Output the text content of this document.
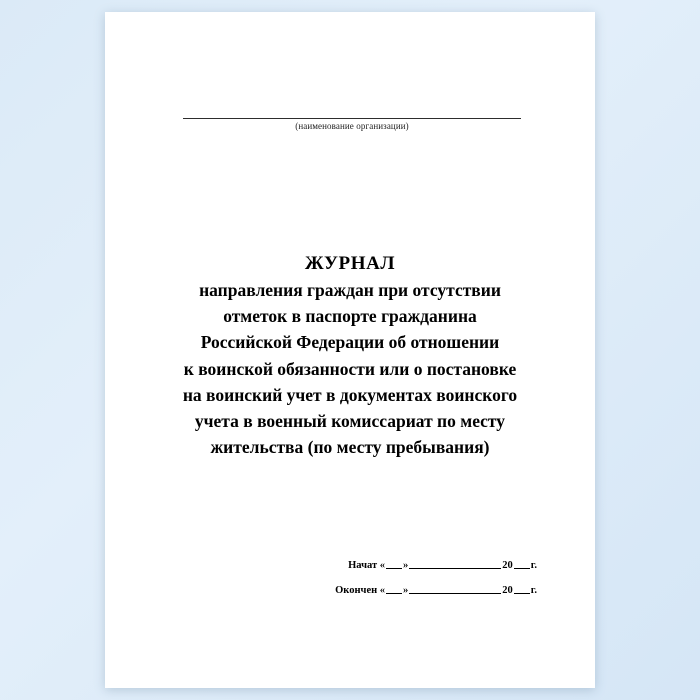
(наименование организации)
ЖУРНАЛ
направления граждан при отсутствии
отметок в паспорте гражданина
Российской Федерации об отношении
к воинской обязанности или о постановке
на воинский учет в документах воинского
учета в военный комиссариат по месту
жительства (по месту пребывания)
Начат « »	20 г.
Окончен « »	20 г.
